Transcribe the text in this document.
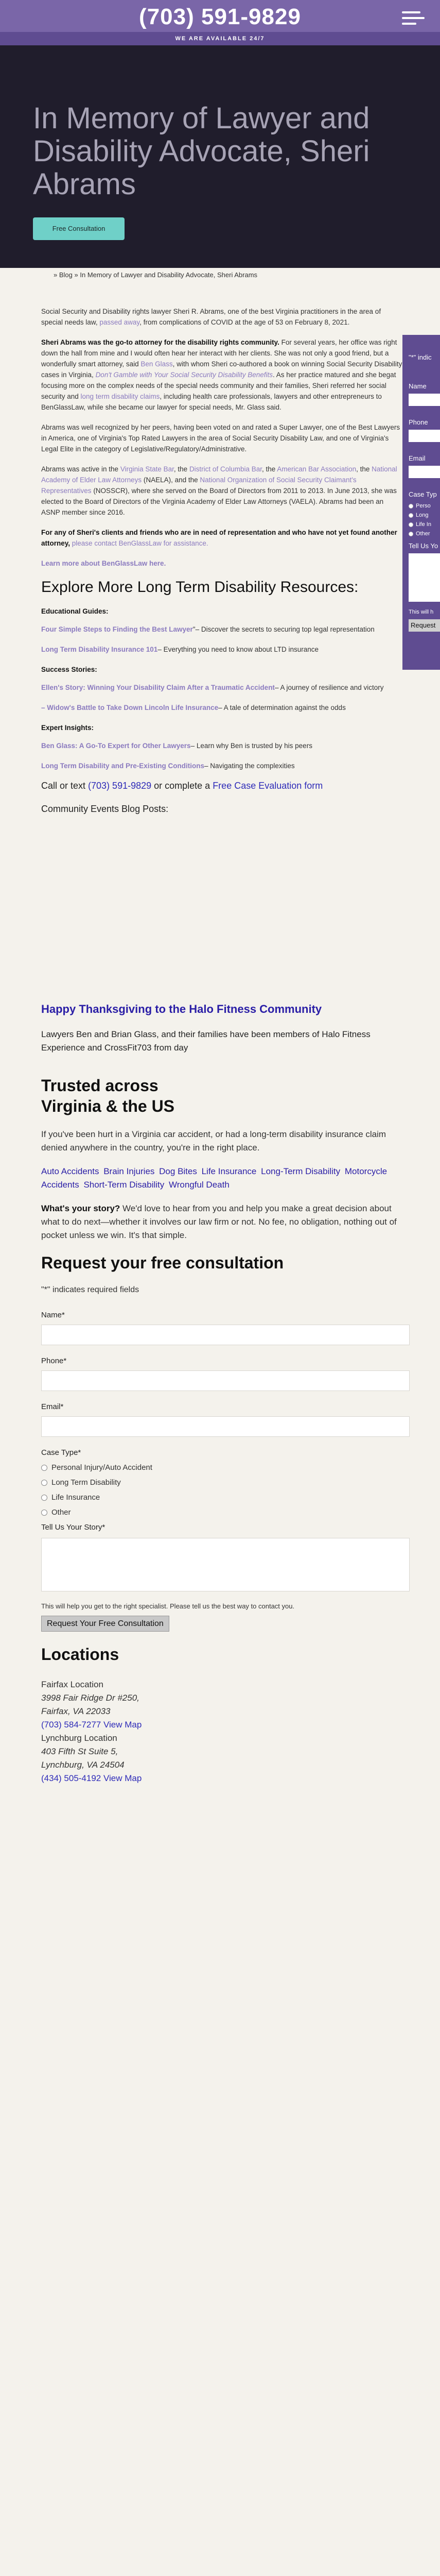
(703) 591-9829
WE ARE AVAILABLE 24/7
In Memory of Lawyer and Disability Advocate, Sheri Abrams
Free Consultation
» Blog » In Memory of Lawyer and Disability Advocate, Sheri Abrams
"*" indic
Name
Phone
Email
Case Typ
Perso
Long
Life In
Other
Tell Us Yo
This will h
Request

Social Security and Disability rights lawyer Sheri R. Abrams, one of the best Virginia practitioners in the area of special needs law, passed away, from complications of COVID at the age of 53 on February 8, 2021.

Sheri Abrams was the go-to attorney for the disability rights community. For several years, her office was right down the hall from mine and I would often hear her interact with her clients. She was not only a good friend, but a wonderfully smart attorney, said Ben Glass, with whom Sheri co-authored a book on winning Social Security Disability cases in Virginia, Don't Gamble with Your Social Security Disability Benefits. As her practice matured and she begat focusing more on the complex needs of the special needs community and their families, Sheri referred her social security and long term disability claims, including health care professionals, lawyers and other entrepreneurs to BenGlassLaw, while she became our lawyer for special needs, Mr. Glass said.

Abrams was well recognized by her peers, having been voted on and rated a Super Lawyer, one of the Best Lawyers in America, one of Virginia's Top Rated Lawyers in the area of Social Security Disability Law, and one of Virginia's Legal Elite in the category of Legislative/Regulatory/Administrative.

Abrams was active in the Virginia State Bar, the District of Columbia Bar, the American Bar Association, the National Academy of Elder Law Attorneys (NAELA), and the National Organization of Social Security Claimant's Representatives (NOSSCR), where she served on the Board of Directors from 2011 to 2013. In June 2013, she was elected to the Board of Directors of the Virginia Academy of Elder Law Attorneys (VAELA). Abrams had been an ASNP member since 2016.

For any of Sheri's clients and friends who are in need of representation and who have not yet found another attorney, please contact BenGlassLaw for assistance.

Learn more about BenGlassLaw here.

Explore More Long Term Disability Resources:

Educational Guides:

Four Simple Steps to Finding the Best Lawyer"– Discover the secrets to securing top legal representation

Long Term Disability Insurance 101– Everything you need to know about LTD insurance

Success Stories:

Ellen's Story: Winning Your Disability Claim After a Traumatic Accident– A journey of resilience and victory

– Widow's Battle to Take Down Lincoln Life Insurance– A tale of determination against the odds

Expert Insights:

Ben Glass: A Go-To Expert for Other Lawyers– Learn why Ben is trusted by his peers

Long Term Disability and Pre-Existing Conditions– Navigating the complexities

Call or text (703) 591-9829 or complete a Free Case Evaluation form

Community Events Blog Posts:

Happy Thanksgiving to the Halo Fitness Community
Lawyers Ben and Brian Glass, and their families have been members of Halo Fitness Experience and CrossFit703 from day
Trusted across
Virginia & the US
If you've been hurt in a Virginia car accident, or had a long-term disability insurance claim denied anywhere in the country, you're in the right place.
Auto Accidents Brain Injuries Dog Bites Life Insurance Long-Term Disability Motorcycle Accidents Short-Term Disability Wrongful Death
What's your story? We'd love to hear from you and help you make a great decision about what to do next—whether it involves our law firm or not. No fee, no obligation, nothing out of pocket unless we win. It's that simple.
Request your free consultation
"*" indicates required fields
Name*
Phone*
Email*
Case Type*
Personal Injury/Auto Accident
Long Term Disability
Life Insurance
Other
Tell Us Your Story*
This will help you get to the right specialist. Please tell us the best way to contact you.
Request Your Free Consultation
Locations
Fairfax Location
3998 Fair Ridge Dr #250,
Fairfax, VA 22033
(703) 584-7277 View Map
Lynchburg Location
403 Fifth St Suite 5,
Lynchburg, VA 24504
(434) 505-4192 View Map
